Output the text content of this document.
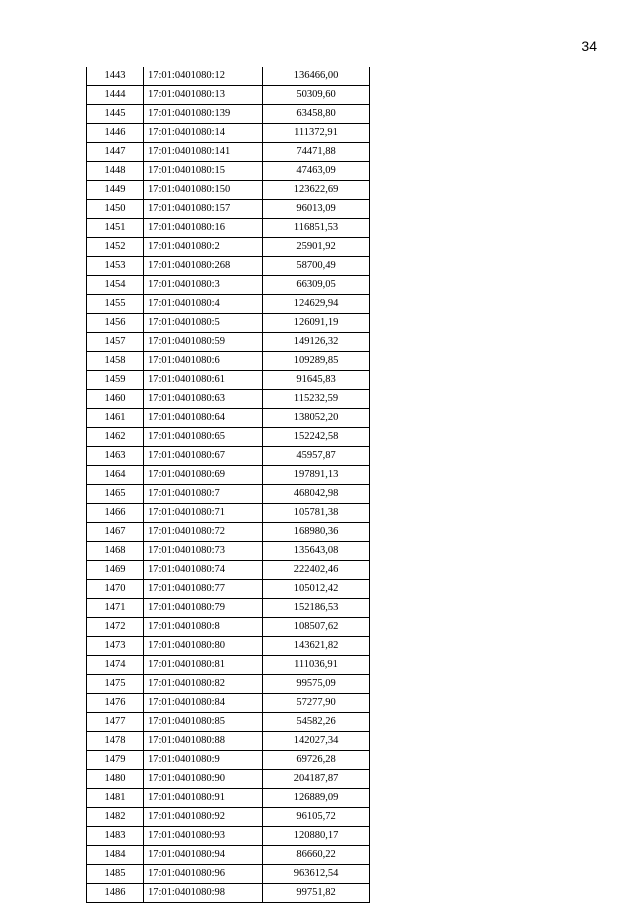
34
1443	17:01:0401080:12	136466,00
1444	17:01:0401080:13	50309,60
1445	17:01:0401080:139	63458,80
1446	17:01:0401080:14	111372,91
1447	17:01:0401080:141	74471,88
1448	17:01:0401080:15	47463,09
1449	17:01:0401080:150	123622,69
1450	17:01:0401080:157	96013,09
1451	17:01:0401080:16	116851,53
1452	17:01:0401080:2	25901,92
1453	17:01:0401080:268	58700,49
1454	17:01:0401080:3	66309,05
1455	17:01:0401080:4	124629,94
1456	17:01:0401080:5	126091,19
1457	17:01:0401080:59	149126,32
1458	17:01:0401080:6	109289,85
1459	17:01:0401080:61	91645,83
1460	17:01:0401080:63	115232,59
1461	17:01:0401080:64	138052,20
1462	17:01:0401080:65	152242,58
1463	17:01:0401080:67	45957,87
1464	17:01:0401080:69	197891,13
1465	17:01:0401080:7	468042,98
1466	17:01:0401080:71	105781,38
1467	17:01:0401080:72	168980,36
1468	17:01:0401080:73	135643,08
1469	17:01:0401080:74	222402,46
1470	17:01:0401080:77	105012,42
1471	17:01:0401080:79	152186,53
1472	17:01:0401080:8	108507,62
1473	17:01:0401080:80	143621,82
1474	17:01:0401080:81	111036,91
1475	17:01:0401080:82	99575,09
1476	17:01:0401080:84	57277,90
1477	17:01:0401080:85	54582,26
1478	17:01:0401080:88	142027,34
1479	17:01:0401080:9	69726,28
1480	17:01:0401080:90	204187,87
1481	17:01:0401080:91	126889,09
1482	17:01:0401080:92	96105,72
1483	17:01:0401080:93	120880,17
1484	17:01:0401080:94	86660,22
1485	17:01:0401080:96	963612,54
1486	17:01:0401080:98	99751,82
